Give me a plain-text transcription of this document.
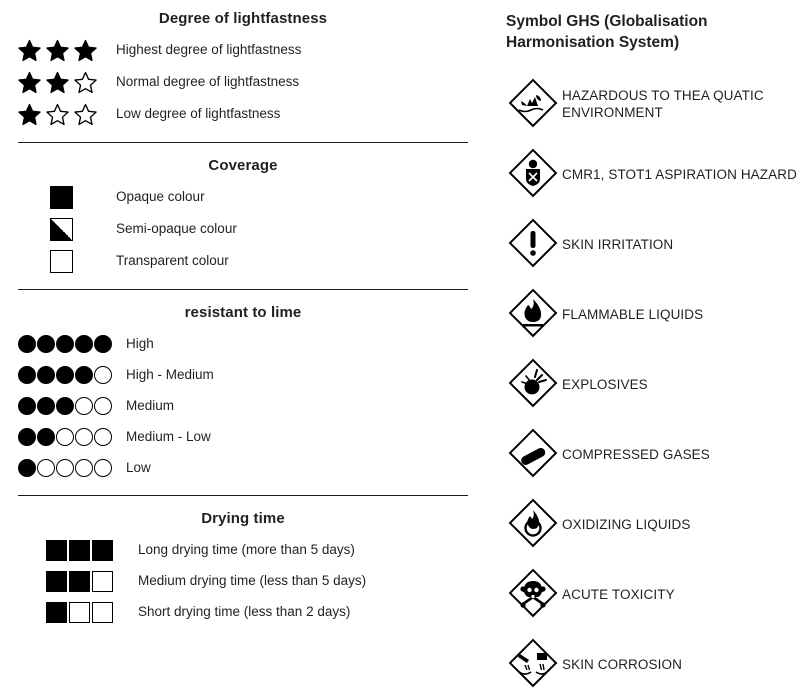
Degree of lightfastness
Highest degree of lightfastness
Normal degree of lightfastness
Low degree of lightfastness
Coverage
Opaque colour
Semi-opaque colour
Transparent colour
resistant to lime
High
High - Medium
Medium
Medium - Low
Low
Drying time
Long drying time (more than 5 days)
Medium drying time (less than 5 days)
Short drying time (less than 2 days)
Symbol GHS (Globalisation Harmonisation System)
HAZARDOUS TO THEA QUATIC ENVIRONMENT
CMR1, STOT1 ASPIRATION HAZARD
SKIN IRRITATION
FLAMMABLE LIQUIDS
EXPLOSIVES
COMPRESSED GASES
OXIDIZING LIQUIDS
ACUTE TOXICITY
SKIN CORROSION
